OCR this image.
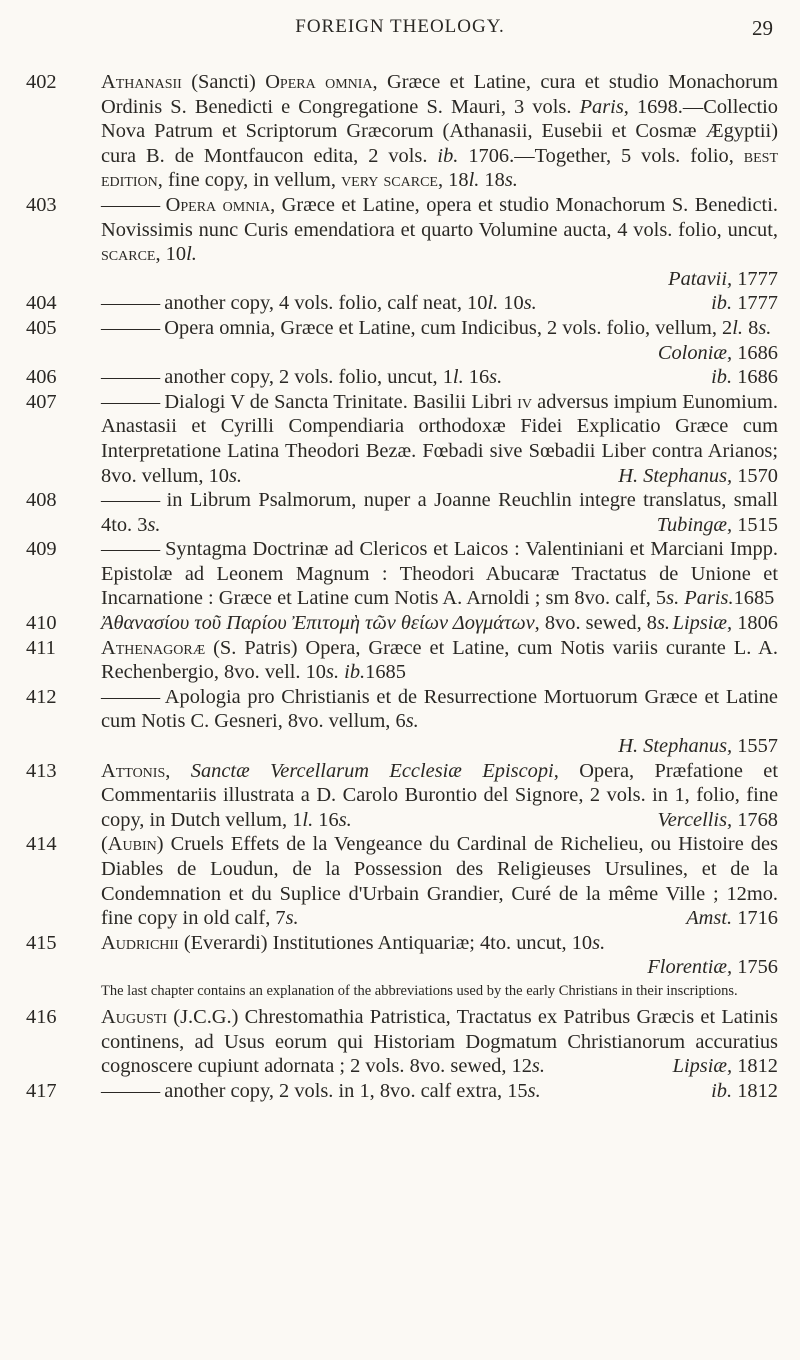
FOREIGN THEOLOGY.	29
402	Athanasii (Sancti) Opera omnia, Græce et Latine, cura et studio Monachorum Ordinis S. Benedicti e Congregatione S. Mauri, 3 vols. Paris, 1698.—Collectio Nova Patrum et Scriptorum Græcorum (Athanasii, Eusebii et Cosmæ Ægyptii) cura B. de Montfaucon edita, 2 vols. ib. 1706.—Together, 5 vols. folio, best edition, fine copy, in vellum, very scarce, 18l. 18s.
403	——— Opera omnia, Græce et Latine, opera et studio Monachorum S. Benedicti. Novissimis nunc Curis emendatiora et quarto Volumine aucta, 4 vols. folio, uncut, scarce, 10l.
Patavii, 1777
404	——— another copy, 4 vols. folio, calf neat, 10l. 10s.	ib. 1777
405	——— Opera omnia, Græce et Latine, cum Indicibus, 2 vols. folio, vellum, 2l. 8s.
Coloniæ, 1686
406	——— another copy, 2 vols. folio, uncut, 1l. 16s.	ib. 1686
407	——— Dialogi V de Sancta Trinitate. Basilii Libri iv adversus impium Eunomium. Anastasii et Cyrilli Compendiaria orthodoxæ Fidei Explicatio Græce cum Interpretatione Latina Theodori Bezæ. Fœbadi sive Sœbadii Liber contra Arianos; 8vo. vellum, 10s.	H. Stephanus, 1570
408	——— in Librum Psalmorum, nuper a Joanne Reuchlin integre translatus, small 4to. 3s.	Tubingæ, 1515
409	——— Syntagma Doctrinæ ad Clericos et Laicos : Valentiniani et Marciani Impp. Epistolæ ad Leonem Magnum : Theodori Abucaræ Tractatus de Unione et Incarnatione : Græce et Latine cum Notis A. Arnoldi ; sm 8vo. calf, 5s. Paris.1685
410	Ἀθανασίου τοῦ Παρίου Ἐπιτομὴ τῶν θείων Δογμάτων, 8vo. sewed, 8s. Lipsiæ, 1806
411	Athenagoræ (S. Patris) Opera, Græce et Latine, cum Notis variis curante L. A. Rechenbergio, 8vo. vell. 10s. ib.1685
412	——— Apologia pro Christianis et de Resurrectione Mortuorum Græce et Latine cum Notis C. Gesneri, 8vo. vellum, 6s.
H. Stephanus, 1557
413	Attonis, Sanctæ Vercellarum Ecclesiæ Episcopi, Opera, Præfatione et Commentariis illustrata a D. Carolo Burontio del Signore, 2 vols. in 1, folio, fine copy, in Dutch vellum, 1l. 16s.	Vercellis, 1768
414	(Aubin) Cruels Effets de la Vengeance du Cardinal de Richelieu, ou Histoire des Diables de Loudun, de la Possession des Religieuses Ursulines, et de la Condemnation et du Suplice d'Urbain Grandier, Curé de la même Ville ; 12mo. fine copy in old calf, 7s.	Amst. 1716
415	Audrichii (Everardi) Institutiones Antiquariæ; 4to. uncut, 10s.
Florentiæ, 1756
The last chapter contains an explanation of the abbreviations used by the early Christians in their inscriptions.
416	Augusti (J.C.G.) Chrestomathia Patristica, Tractatus ex Patribus Græcis et Latinis continens, ad Usus eorum qui Historiam Dogmatum Christianorum accuratius cognoscere cupiunt adornata ; 2 vols. 8vo. sewed, 12s.	Lipsiæ, 1812
417	——— another copy, 2 vols. in 1, 8vo. calf extra, 15s.	ib. 1812
